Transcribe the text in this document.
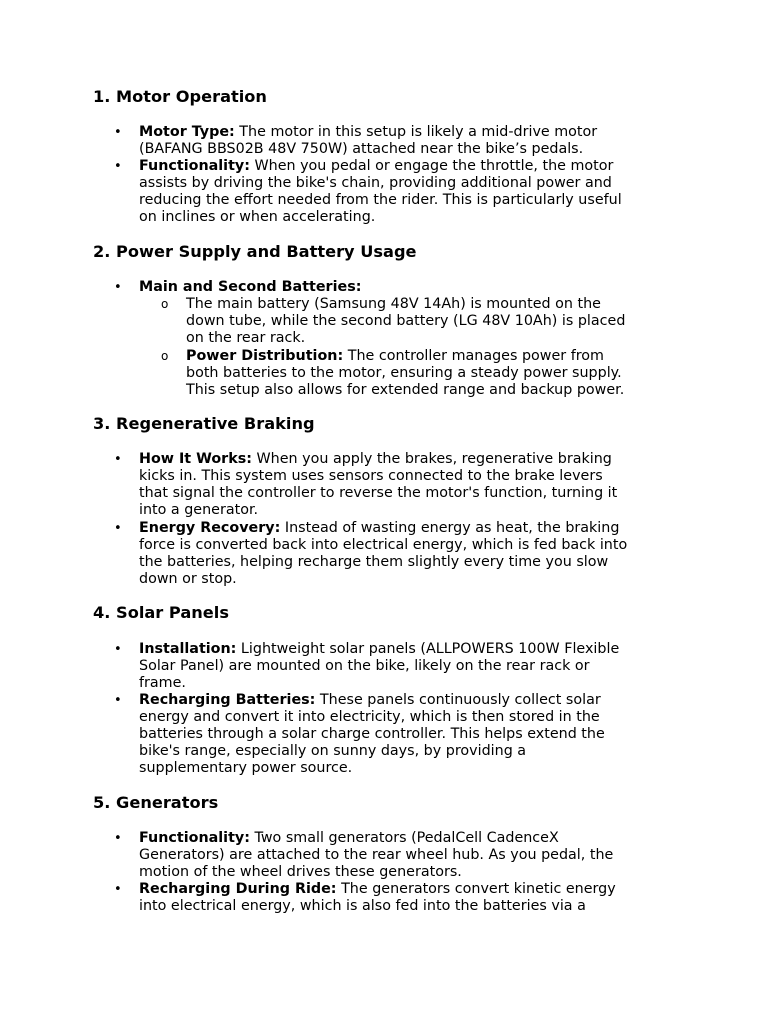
1. Motor Operation
• Motor Type: The motor in this setup is likely a mid-drive motor
(BAFANG BBS02B 48V 750W) attached near the bike’s pedals.
• Functionality: When you pedal or engage the throttle, the motor
assists by driving the bike's chain, providing additional power and
reducing the effort needed from the rider. This is particularly useful
on inclines or when accelerating.
2. Power Supply and Battery Usage
• Main and Second Batteries:
o The main battery (Samsung 48V 14Ah) is mounted on the
down tube, while the second battery (LG 48V 10Ah) is placed
on the rear rack.
o Power Distribution: The controller manages power from
both batteries to the motor, ensuring a steady power supply.
This setup also allows for extended range and backup power.
3. Regenerative Braking
• How It Works: When you apply the brakes, regenerative braking
kicks in. This system uses sensors connected to the brake levers
that signal the controller to reverse the motor's function, turning it
into a generator.
• Energy Recovery: Instead of wasting energy as heat, the braking
force is converted back into electrical energy, which is fed back into
the batteries, helping recharge them slightly every time you slow
down or stop.
4. Solar Panels
• Installation: Lightweight solar panels (ALLPOWERS 100W Flexible
Solar Panel) are mounted on the bike, likely on the rear rack or
frame.
• Recharging Batteries: These panels continuously collect solar
energy and convert it into electricity, which is then stored in the
batteries through a solar charge controller. This helps extend the
bike's range, especially on sunny days, by providing a
supplementary power source.
5. Generators
• Functionality: Two small generators (PedalCell CadenceX
Generators) are attached to the rear wheel hub. As you pedal, the
motion of the wheel drives these generators.
• Recharging During Ride: The generators convert kinetic energy
into electrical energy, which is also fed into the batteries via a
